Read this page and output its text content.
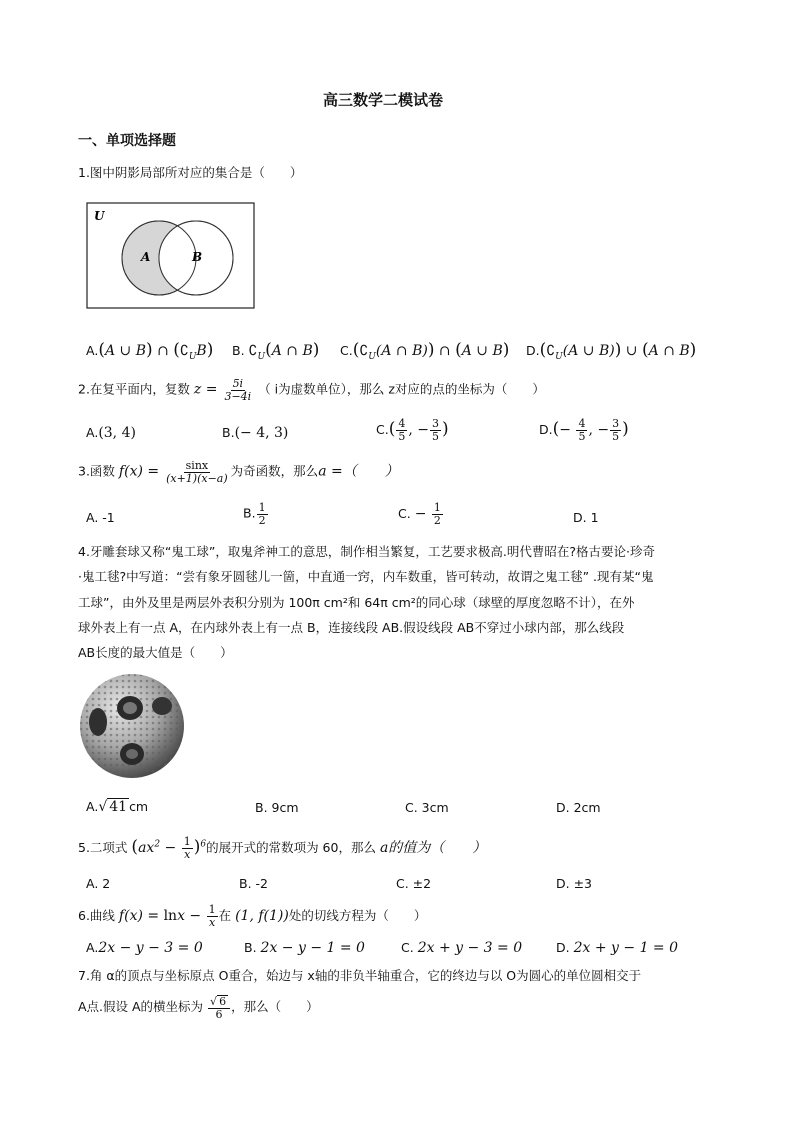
高三数学二模试卷
一、单项选择题
1.图中阴影局部所对应的集合是（　　）
U
A	B
A.(A ∪ B) ∩ $(∁_UB)$ B. $∁_U(A$ ∩ B) $C.(∁_U(A$ ∩ B)) ∩ (A ∪ B) $D.(∁_U(A$ ∪ B)) ∪ (A ∩ B)
2.在复平面内，复数 $z = \frac{5i}{3-4i}$ （ i为虚数单位），那么 z对应的点的坐标为（　　）
A.(3, 4)	B.(− 4, 3)	$C.( \frac{4}{5}$ , − $\frac{3}{5}$ )	$D.(- \frac{4}{5}$ , − $\frac{3}{5}$ )
3.函数 $f(x) = \frac{\sin x}{(x+1)(x-a)}$ 为奇函数，那么a =（　　）
A. -1	B. $\frac{1}{2}$	C. − $\frac{1}{2}$	D. 1
4.牙雕套球又称“鬼工球”，取鬼斧神工的意思，制作相当繁复，工艺要求极高.明代曹昭在?格古要论·珍奇
·鬼工毬?中写道：“尝有象牙圆毬儿一箇，中直通一窍，内车数重，皆可转动，故谓之鬼工毬” .现有某“鬼
工球”，由外及里是两层外表积分别为 100π cm²和 64π cm²的同心球（球壁的厚度忽略不计），在外
球外表上有一点 A，在内球外表上有一点 B，连接线段 AB.假设线段 AB不穿过小球内部，那么线段
AB长度的最大值是（　　）
A.√ 41 cm	B. 9cm	C. 3cm	D. 2cm
5.二项式 $(ax^2 - \frac{1}{x} )^6$的展开式的常数项为 60，那么 a的值为（　　）
A. 2	B. -2	C. ±2	D. ±3
6.曲线 $f(x) = \ln x - \frac{1}{x}$ 在 (1, f(1))处的切线方程为（　　）
A.2x − y − 3 = 0	B. 2x − y − 1 = 0	C. 2x + y − 3 = 0	D. 2x + y − 1 = 0
7.角 α的顶点与坐标原点 O重合，始边与 x轴的非负半轴重合，它的终边与以 O为圆心的单位圆相交于
A点.假设 A的横坐标为 $\frac{√ 6}{6}$ ，那么（　　）
